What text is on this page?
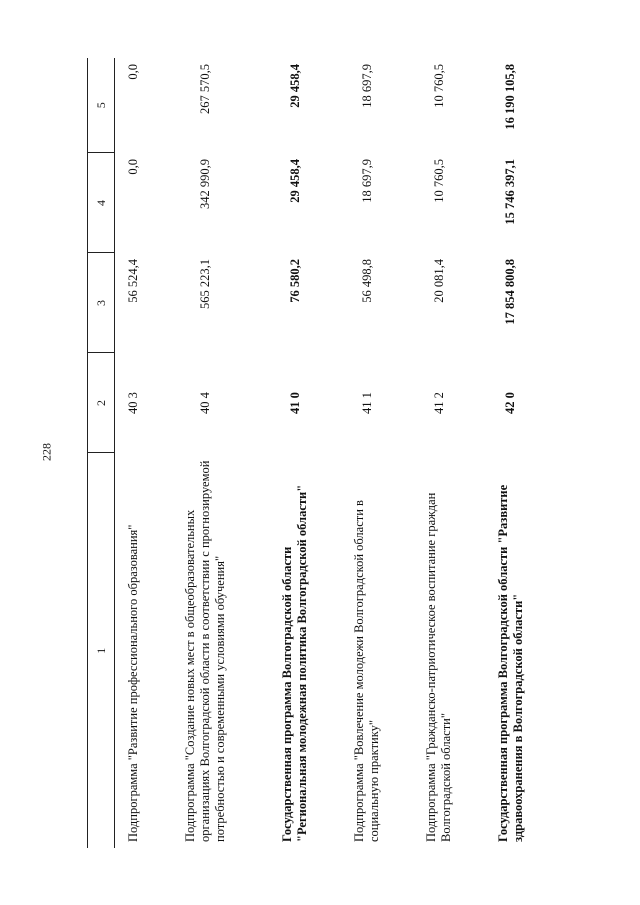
228
1	2	3	4	5
Подпрограмма "Развитие профессионального образования"	40 3	56 524,4	0,0	0,0
Подпрограмма "Создание новых мест в общеобразовательных организациях Волгоградской области в соответствии с прогнозируемой потребностью и современными условиями обучения"	40 4	565 223,1	342 990,9	267 570,5
Государственная программа Волгоградской области "Региональная молодежная политика Волгоградской области"	41 0	76 580,2	29 458,4	29 458,4
Подпрограмма "Вовлечение молодежи Волгоградской области в социальную практику"	41 1	56 498,8	18 697,9	18 697,9
Подпрограмма "Гражданско-патриотическое воспитание граждан Волгоградской области"	41 2	20 081,4	10 760,5	10 760,5
Государственная программа Волгоградской области "Развитие здравоохранения в Волгоградской области"	42 0	17 854 800,8	15 746 397,1	16 190 105,8
